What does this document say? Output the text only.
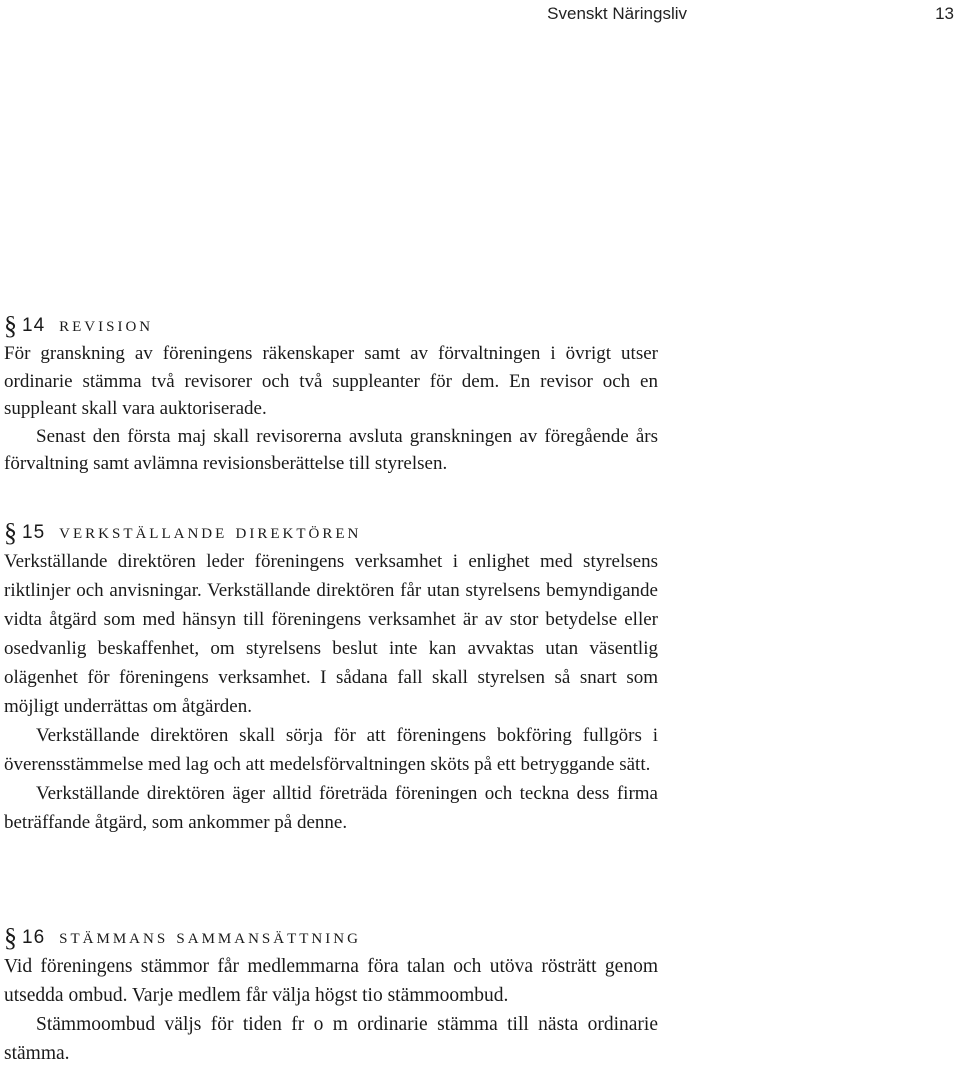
Svenskt Näringsliv	13
§ 14 revision

För granskning av föreningens räkenskaper samt av förvaltningen i övrigt utser ordinarie stämma två revisorer och två suppleanter för dem. En revisor och en suppleant skall vara auktoriserade.

Senast den första maj skall revisorerna avsluta granskningen av föregående års förvaltning samt avlämna revisionsberättelse till styrelsen.

§ 15 verkställande direktören

Verkställande direktören leder föreningens verksamhet i enlighet med styrelsens riktlinjer och anvisningar. Verkställande direktören får utan styrelsens bemyndigande vidta åtgärd som med hänsyn till föreningens verksamhet är av stor betydelse eller osedvanlig beskaffenhet, om styrelsens beslut inte kan avvaktas utan väsentlig olägenhet för föreningens verksamhet. I sådana fall skall styrelsen så snart som möjligt underrättas om åtgärden.

Verkställande direktören skall sörja för att föreningens bokföring fullgörs i överensstämmelse med lag och att medelsförvaltningen sköts på ett betryggande sätt.

Verkställande direktören äger alltid företräda föreningen och teckna dess firma beträffande åtgärd, som ankommer på denne.

§ 16 stämmans sammansättning

Vid föreningens stämmor får medlemmarna föra talan och utöva rösträtt genom utsedda ombud. Varje medlem får välja högst tio stämmoombud.

Stämmoombud väljs för tiden fr o m ordinarie stämma till nästa ordinarie stämma.
